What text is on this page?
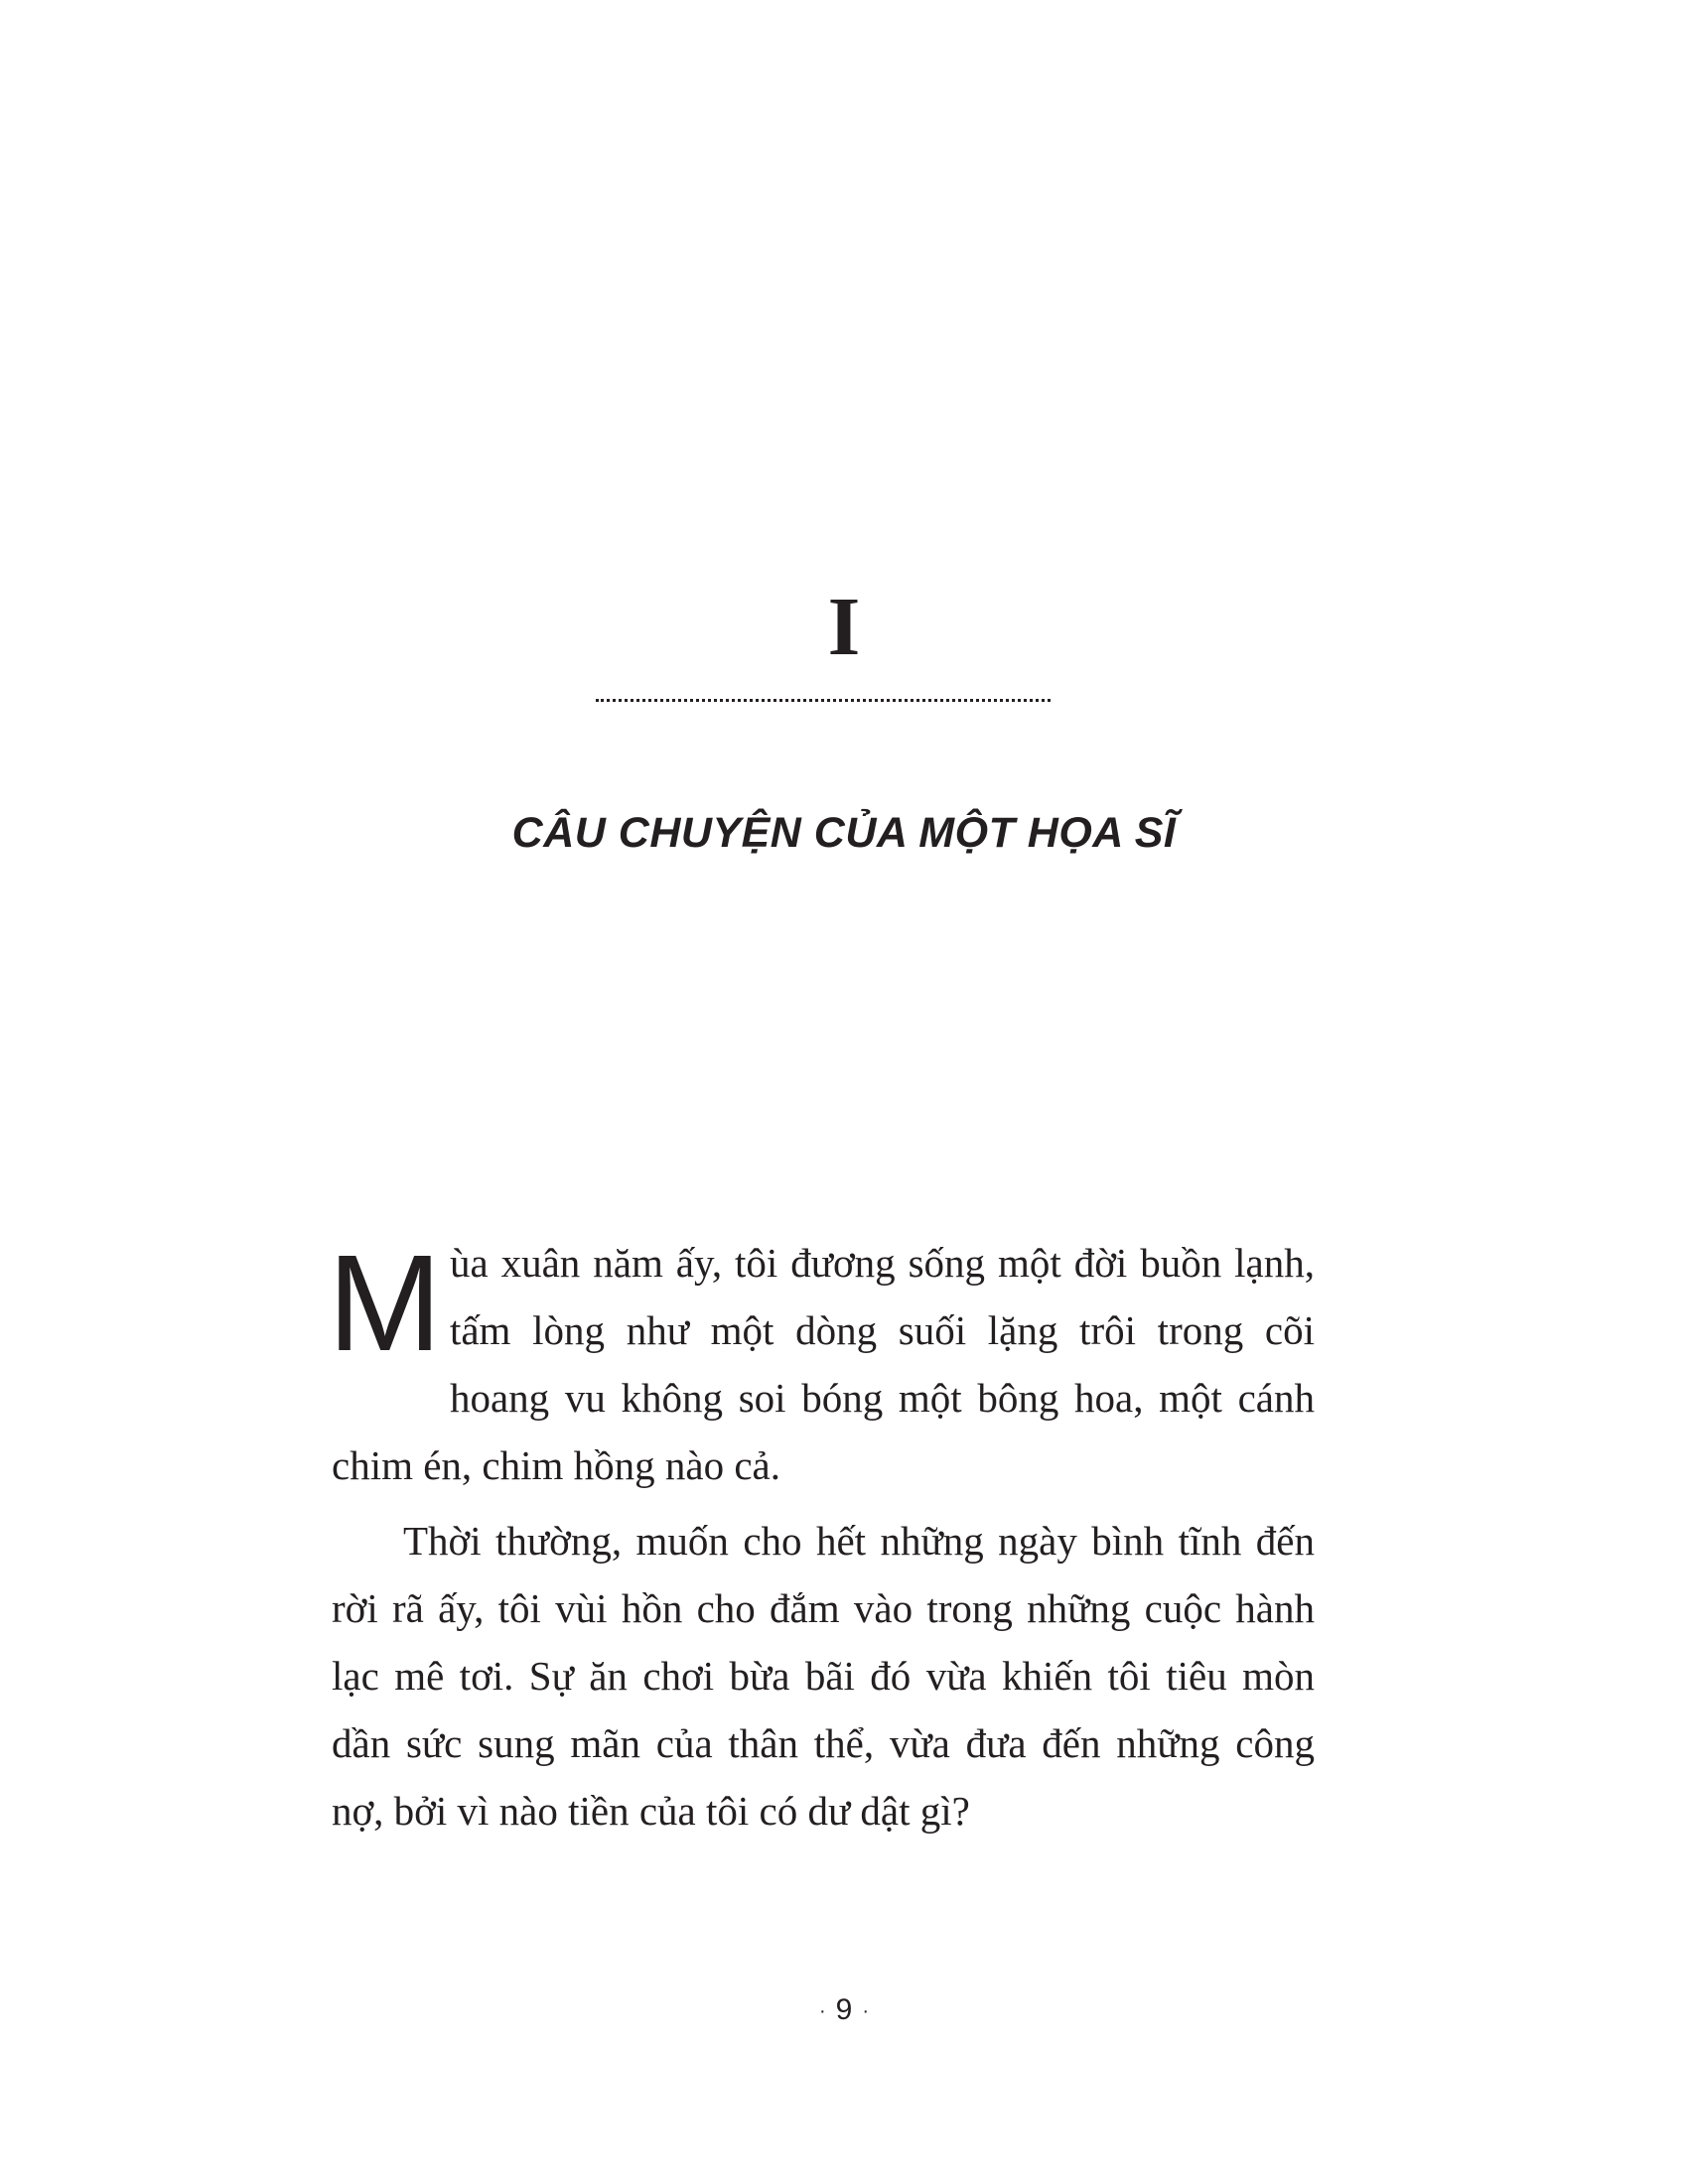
I
CÂU CHUYỆN CỦA MỘT HỌA SĨ

Mùa xuân năm ấy, tôi đương sống một đời buồn lạnh, tấm lòng như một dòng suối lặng trôi trong cõi hoang vu không soi bóng một bông hoa, một cánh chim én, chim hồng nào cả.

Thời thường, muốn cho hết những ngày bình tĩnh đến rời rã ấy, tôi vùi hồn cho đắm vào trong những cuộc hành lạc mê tơi. Sự ăn chơi bừa bãi đó vừa khiến tôi tiêu mòn dần sức sung mãn của thân thể, vừa đưa đến những công nợ, bởi vì nào tiền của tôi có dư dật gì?

· 9 ·
